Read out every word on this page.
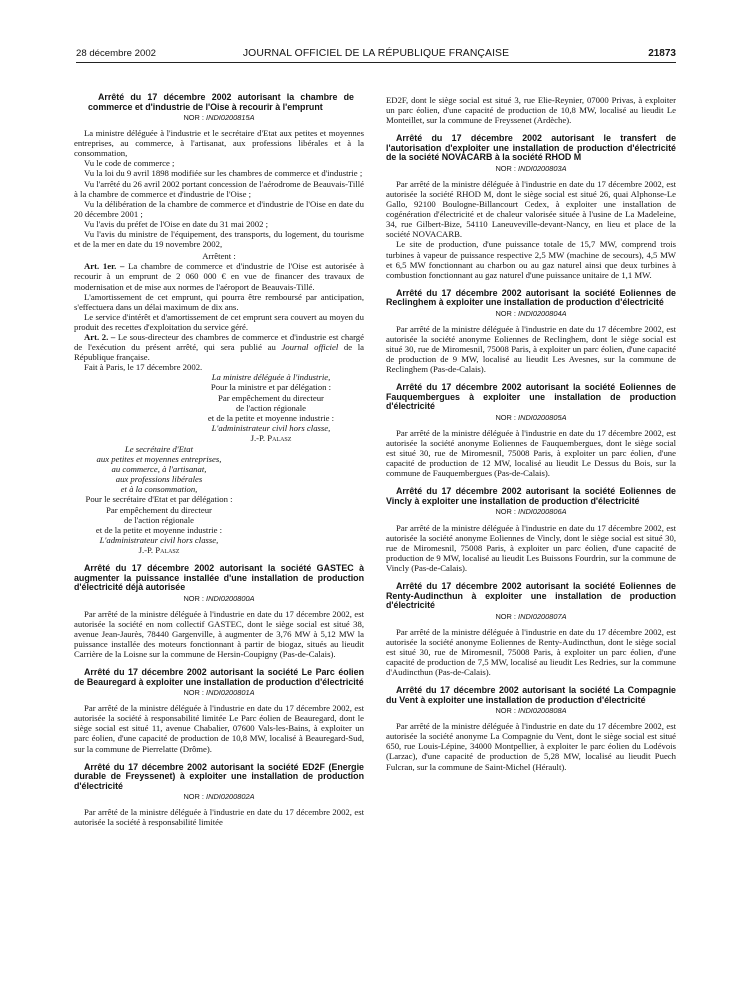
28 décembre 2002	JOURNAL OFFICIEL DE LA RÉPUBLIQUE FRANÇAISE	21873

Arrêté du 17 décembre 2002 autorisant la chambre de commerce et d'industrie de l'Oise à recourir à l'emprunt

NOR : INDI0200815A

La ministre déléguée à l'industrie et le secrétaire d'Etat aux petites et moyennes entreprises, au commerce, à l'artisanat, aux professions libérales et à la consommation,

Vu le code de commerce ;

Vu la loi du 9 avril 1898 modifiée sur les chambres de commerce et d'industrie ;

Vu l'arrêté du 26 avril 2002 portant concession de l'aérodrome de Beauvais-Tillé à la chambre de commerce et d'industrie de l'Oise ;

Vu la délibération de la chambre de commerce et d'industrie de l'Oise en date du 20 décembre 2001 ;

Vu l'avis du préfet de l'Oise en date du 31 mai 2002 ;

Vu l'avis du ministre de l'équipement, des transports, du logement, du tourisme et de la mer en date du 19 novembre 2002,

Arrêtent :

Art. 1er. – La chambre de commerce et d'industrie de l'Oise est autorisée à recourir à un emprunt de 2 060 000 € en vue de financer des travaux de modernisation et de mise aux normes de l'aéroport de Beauvais-Tillé.

L'amortissement de cet emprunt, qui pourra être remboursé par anticipation, s'effectuera dans un délai maximum de dix ans.

Le service d'intérêt et d'amortissement de cet emprunt sera couvert au moyen du produit des recettes d'exploitation du service géré.

Art. 2. – Le sous-directeur des chambres de commerce et d'industrie est chargé de l'exécution du présent arrêté, qui sera publié au Journal officiel de la République française.

Fait à Paris, le 17 décembre 2002.

La ministre déléguée à l'industrie,
Pour la ministre et par délégation :
Par empêchement du directeur
de l'action régionale
et de la petite et moyenne industrie :
L'administrateur civil hors classe,
J.-P. Palasz
Le secrétaire d'Etat
aux petites et moyennes entreprises,
au commerce, à l'artisanat,
aux professions libérales
et à la consommation,
Pour le secrétaire d'Etat et par délégation :
Par empêchement du directeur
de l'action régionale
et de la petite et moyenne industrie :
L'administrateur civil hors classe,
J.-P. Palasz

Arrêté du 17 décembre 2002 autorisant la société GASTEC à augmenter la puissance installée d'une installation de production d'électricité déjà autorisée

NOR : INDI0200800A

Par arrêté de la ministre déléguée à l'industrie en date du 17 décembre 2002, est autorisée la société en nom collectif GASTEC, dont le siège social est situé 38, avenue Jean-Jaurès, 78440 Gargenville, à augmenter de 3,76 MW à 5,12 MW la puissance installée des moteurs fonctionnant à partir de biogaz, situés au lieudit Carrière de la Loisne sur la commune de Hersin-Coupigny (Pas-de-Calais).

Arrêté du 17 décembre 2002 autorisant la société Le Parc éolien de Beauregard à exploiter une installation de production d'électricité

NOR : INDI0200801A

Par arrêté de la ministre déléguée à l'industrie en date du 17 décembre 2002, est autorisée la société à responsabilité limitée Le Parc éolien de Beauregard, dont le siège social est situé 11, avenue Chabalier, 07600 Vals-les-Bains, à exploiter un parc éolien, d'une capacité de production de 10,8 MW, localisé à Beauregard-Sud, sur la commune de Pierrelatte (Drôme).

Arrêté du 17 décembre 2002 autorisant la société ED2F (Energie durable de Freyssenet) à exploiter une installation de production d'électricité

NOR : INDI0200802A

Par arrêté de la ministre déléguée à l'industrie en date du 17 décembre 2002, est autorisée la société à responsabilité limitée

ED2F, dont le siège social est situé 3, rue Elie-Reynier, 07000 Privas, à exploiter un parc éolien, d'une capacité de production de 10,8 MW, localisé au lieudit Le Monteillet, sur la commune de Freyssenet (Ardèche).

Arrêté du 17 décembre 2002 autorisant le transfert de l'autorisation d'exploiter une installation de production d'électricité de la société NOVACARB à la société RHOD M

NOR : INDI0200803A

Par arrêté de la ministre déléguée à l'industrie en date du 17 décembre 2002, est autorisée la société RHOD M, dont le siège social est situé 26, quai Alphonse-Le Gallo, 92100 Boulogne-Billancourt Cedex, à exploiter une installation de cogénération d'électricité et de chaleur valorisée située à l'usine de La Madeleine, 34, rue Gilbert-Bize, 54110 Laneuveville-devant-Nancy, en lieu et place de la société NOVACARB.

Le site de production, d'une puissance totale de 15,7 MW, comprend trois turbines à vapeur de puissance respective 2,5 MW (machine de secours), 4,5 MW et 6,5 MW fonctionnant au charbon ou au gaz naturel ainsi que deux turbines à combustion fonctionnant au gaz naturel d'une puissance unitaire de 1,1 MW.

Arrêté du 17 décembre 2002 autorisant la société Eoliennes de Reclinghem à exploiter une installation de production d'électricité

NOR : INDI0200804A

Par arrêté de la ministre déléguée à l'industrie en date du 17 décembre 2002, est autorisée la société anonyme Eoliennes de Reclinghem, dont le siège social est situé 30, rue de Miromesnil, 75008 Paris, à exploiter un parc éolien, d'une capacité de production de 9 MW, localisé au lieudit Les Avesnes, sur la commune de Reclinghem (Pas-de-Calais).

Arrêté du 17 décembre 2002 autorisant la société Eoliennes de Fauquembergues à exploiter une installation de production d'électricité

NOR : INDI0200805A

Par arrêté de la ministre déléguée à l'industrie en date du 17 décembre 2002, est autorisée la société anonyme Eoliennes de Fauquembergues, dont le siège social est situé 30, rue de Miromesnil, 75008 Paris, à exploiter un parc éolien, d'une capacité de production de 12 MW, localisé au lieudit Le Dessus du Bois, sur la commune de Fauquembergues (Pas-de-Calais).

Arrêté du 17 décembre 2002 autorisant la société Eoliennes de Vincly à exploiter une installation de production d'électricité

NOR : INDI0200806A

Par arrêté de la ministre déléguée à l'industrie en date du 17 décembre 2002, est autorisée la société anonyme Eoliennes de Vincly, dont le siège social est situé 30, rue de Miromesnil, 75008 Paris, à exploiter un parc éolien, d'une capacité de production de 9 MW, localisé au lieudit Les Buissons Fourdrin, sur la commune de Vincly (Pas-de-Calais).

Arrêté du 17 décembre 2002 autorisant la société Eoliennes de Renty-Audincthun à exploiter une installation de production d'électricité

NOR : INDI0200807A

Par arrêté de la ministre déléguée à l'industrie en date du 17 décembre 2002, est autorisée la société anonyme Eoliennes de Renty-Audincthun, dont le siège social est situé 30, rue de Miromesnil, 75008 Paris, à exploiter un parc éolien, d'une capacité de production de 7,5 MW, localisé au lieudit Les Redries, sur la commune d'Audincthun (Pas-de-Calais).

Arrêté du 17 décembre 2002 autorisant la société La Compagnie du Vent à exploiter une installation de production d'électricité

NOR : INDI0200808A

Par arrêté de la ministre déléguée à l'industrie en date du 17 décembre 2002, est autorisée la société anonyme La Compagnie du Vent, dont le siège social est situé 650, rue Louis-Lépine, 34000 Montpellier, à exploiter le parc éolien du Lodévois (Larzac), d'une capacité de production de 5,28 MW, localisé au lieudit Puech Fulcran, sur la commune de Saint-Michel (Hérault).
